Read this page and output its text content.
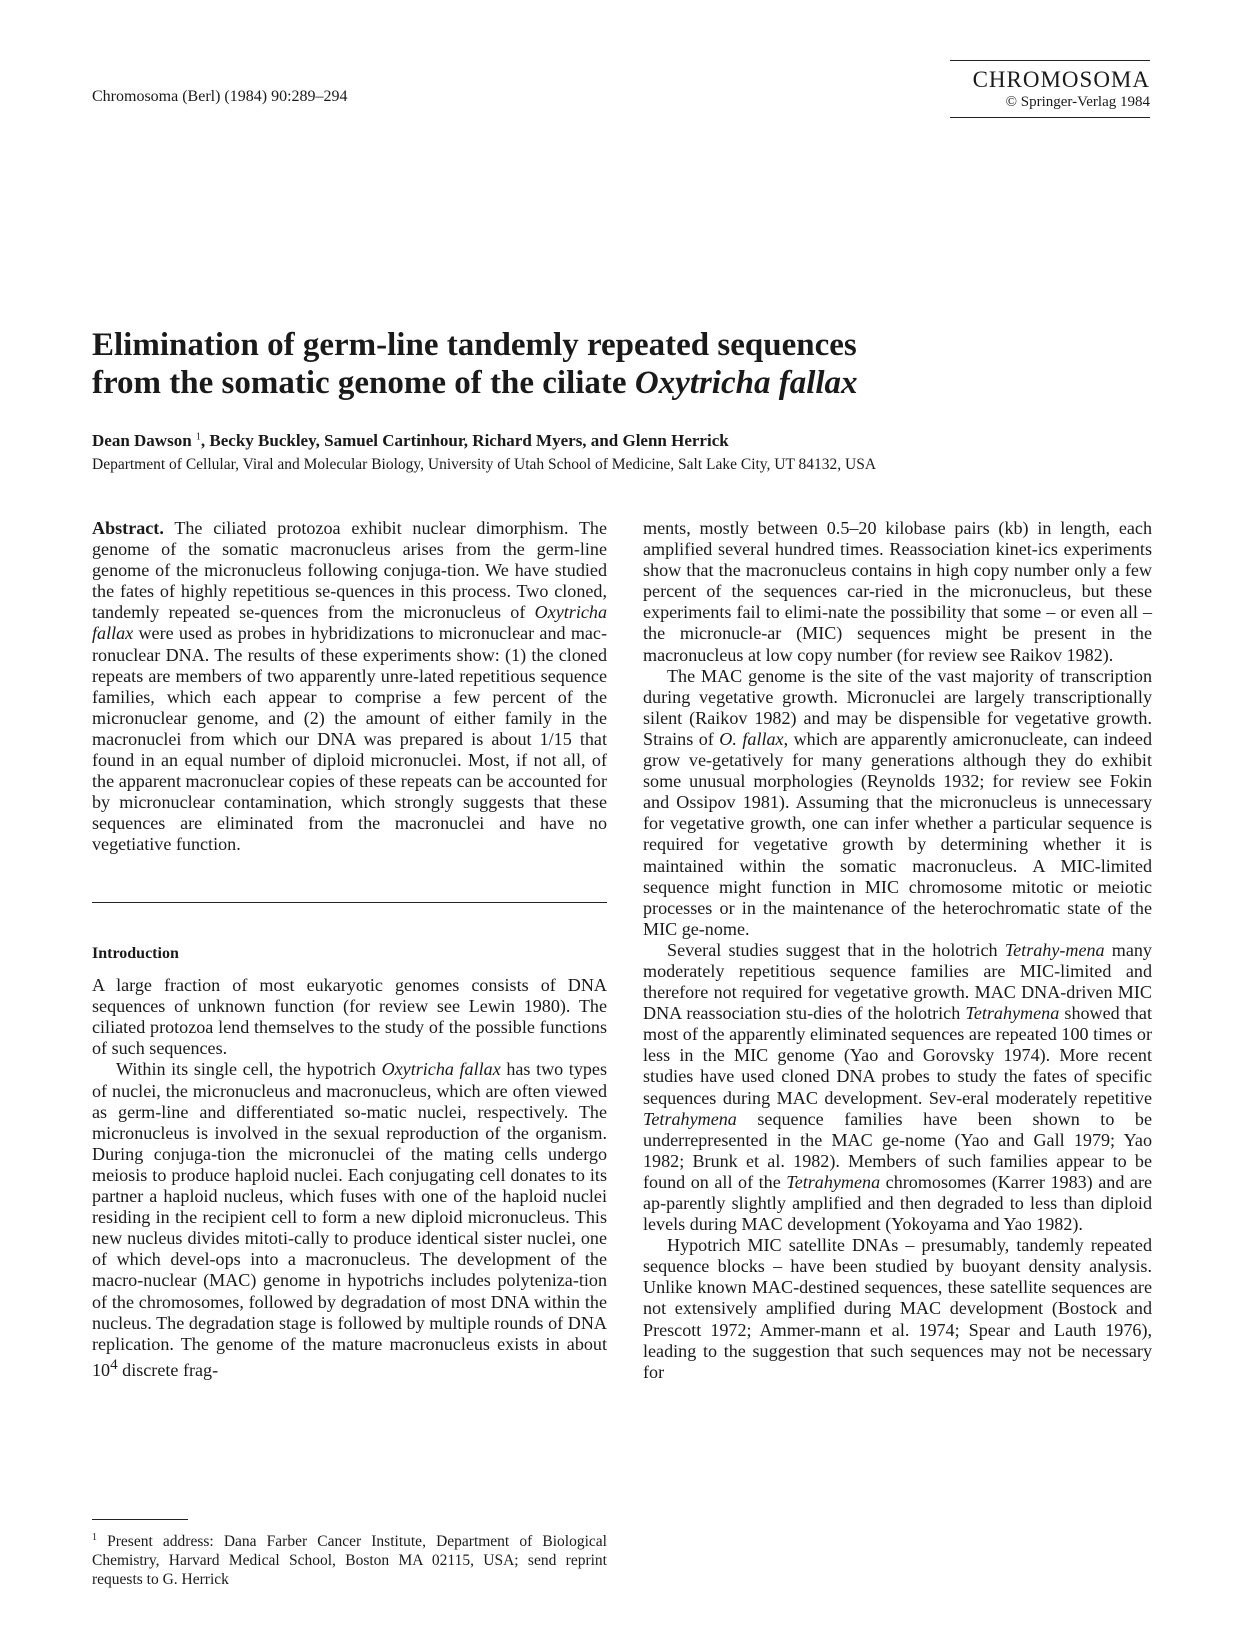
Chromosoma (Berl) (1984) 90:289–294
CHROMOSOMA
© Springer-Verlag 1984
Elimination of germ-line tandemly repeated sequences
from the somatic genome of the ciliate Oxytricha fallax
Dean Dawson $^1$, Becky Buckley, Samuel Cartinhour, Richard Myers, and Glenn Herrick
Department of Cellular, Viral and Molecular Biology, University of Utah School of Medicine, Salt Lake City, UT 84132, USA

Abstract. The ciliated protozoa exhibit nuclear dimorphism. The genome of the somatic macronucleus arises from the germ-line genome of the micronucleus following conjuga-tion. We have studied the fates of highly repetitious se-quences in this process. Two cloned, tandemly repeated se-quences from the micronucleus of Oxytricha fallax were used as probes in hybridizations to micronuclear and mac-ronuclear DNA. The results of these experiments show: (1) the cloned repeats are members of two apparently unre-lated repetitious sequence families, which each appear to comprise a few percent of the micronuclear genome, and (2) the amount of either family in the macronuclei from which our DNA was prepared is about 1/15 that found in an equal number of diploid micronuclei. Most, if not all, of the apparent macronuclear copies of these repeats can be accounted for by micronuclear contamination, which strongly suggests that these sequences are eliminated from the macronuclei and have no vegetiative function.

Introduction

A large fraction of most eukaryotic genomes consists of DNA sequences of unknown function (for review see Lewin 1980). The ciliated protozoa lend themselves to the study of the possible functions of such sequences.

Within its single cell, the hypotrich Oxytricha fallax has two types of nuclei, the micronucleus and macronucleus, which are often viewed as germ-line and differentiated so-matic nuclei, respectively. The micronucleus is involved in the sexual reproduction of the organism. During conjuga-tion the micronuclei of the mating cells undergo meiosis to produce haploid nuclei. Each conjugating cell donates to its partner a haploid nucleus, which fuses with one of the haploid nuclei residing in the recipient cell to form a new diploid micronucleus. This new nucleus divides mitoti-cally to produce identical sister nuclei, one of which devel-ops into a macronucleus. The development of the macro-nuclear (MAC) genome in hypotrichs includes polyteniza-tion of the chromosomes, followed by degradation of most DNA within the nucleus. The degradation stage is followed by multiple rounds of DNA replication. The genome of the mature macronucleus exists in about $10^4$ discrete frag-

$^1$ Present address: Dana Farber Cancer Institute, Department of Biological Chemistry, Harvard Medical School, Boston MA 02115, USA; send reprint requests to G. Herrick

ments, mostly between 0.5–20 kilobase pairs (kb) in length, each amplified several hundred times. Reassociation kinet-ics experiments show that the macronucleus contains in high copy number only a few percent of the sequences car-ried in the micronucleus, but these experiments fail to elimi-nate the possibility that some – or even all – the micronucle-ar (MIC) sequences might be present in the macronucleus at low copy number (for review see Raikov 1982).

The MAC genome is the site of the vast majority of transcription during vegetative growth. Micronuclei are largely transcriptionally silent (Raikov 1982) and may be dispensible for vegetative growth. Strains of O. fallax, which are apparently amicronucleate, can indeed grow ve-getatively for many generations although they do exhibit some unusual morphologies (Reynolds 1932; for review see Fokin and Ossipov 1981). Assuming that the micronucleus is unnecessary for vegetative growth, one can infer whether a particular sequence is required for vegetative growth by determining whether it is maintained within the somatic macronucleus. A MIC-limited sequence might function in MIC chromosome mitotic or meiotic processes or in the maintenance of the heterochromatic state of the MIC ge-nome.

Several studies suggest that in the holotrich Tetrahy-mena many moderately repetitious sequence families are MIC-limited and therefore not required for vegetative growth. MAC DNA-driven MIC DNA reassociation stu-dies of the holotrich Tetrahymena showed that most of the apparently eliminated sequences are repeated 100 times or less in the MIC genome (Yao and Gorovsky 1974). More recent studies have used cloned DNA probes to study the fates of specific sequences during MAC development. Sev-eral moderately repetitive Tetrahymena sequence families have been shown to be underrepresented in the MAC ge-nome (Yao and Gall 1979; Yao 1982; Brunk et al. 1982). Members of such families appear to be found on all of the Tetrahymena chromosomes (Karrer 1983) and are ap-parently slightly amplified and then degraded to less than diploid levels during MAC development (Yokoyama and Yao 1982).

Hypotrich MIC satellite DNAs – presumably, tandemly repeated sequence blocks – have been studied by buoyant density analysis. Unlike known MAC-destined sequences, these satellite sequences are not extensively amplified during MAC development (Bostock and Prescott 1972; Ammer-mann et al. 1974; Spear and Lauth 1976), leading to the suggestion that such sequences may not be necessary for
